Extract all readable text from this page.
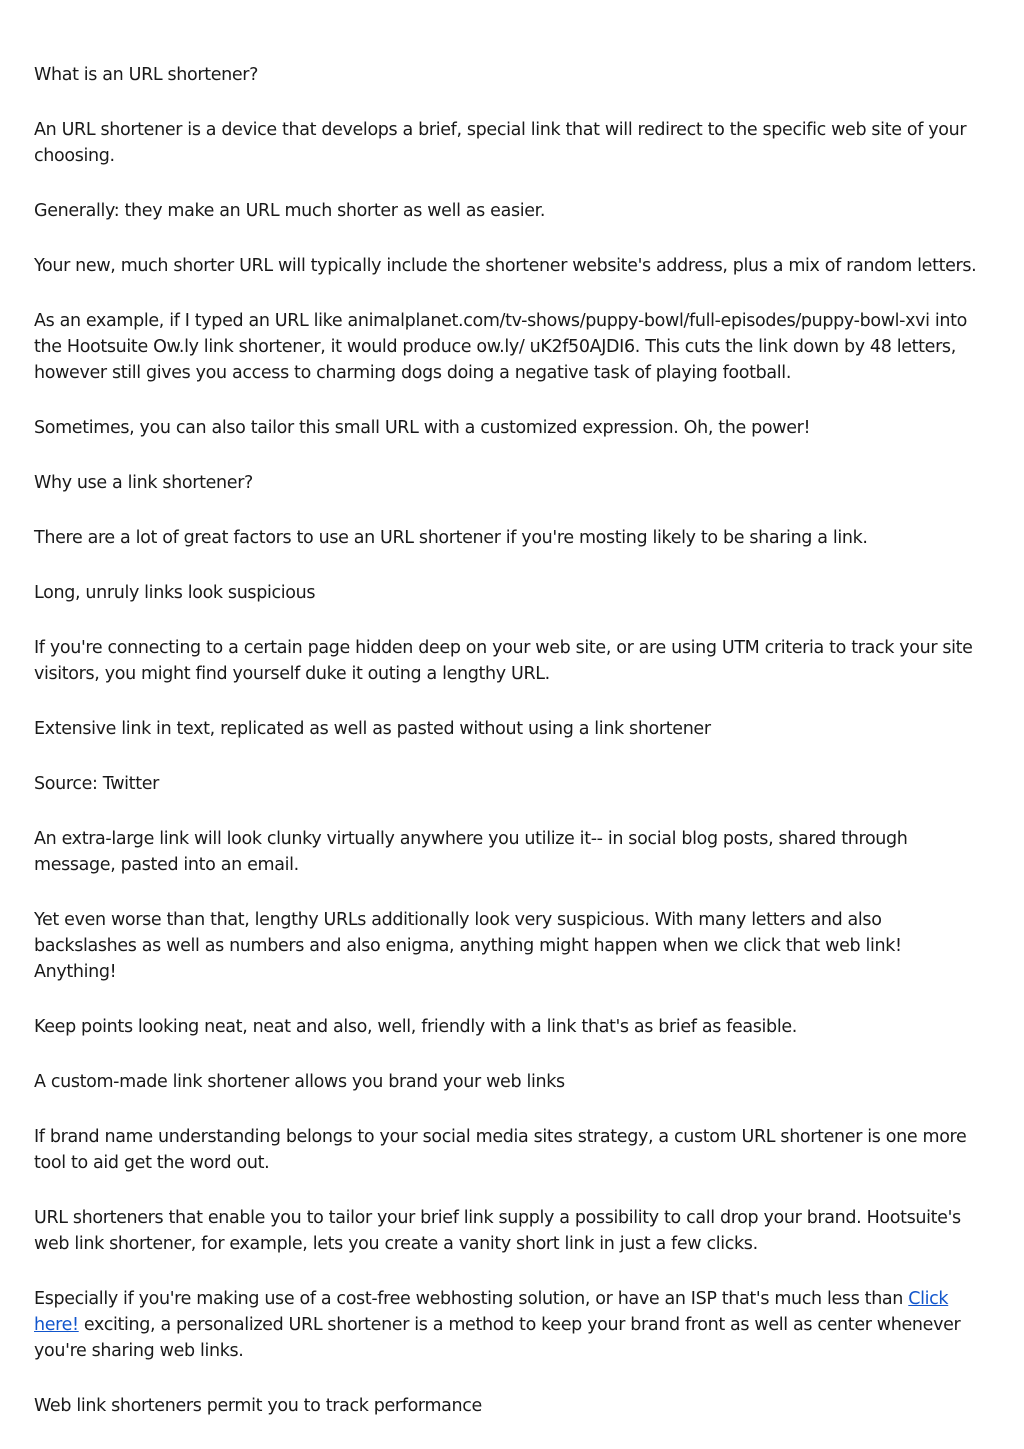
What is an URL shortener?

An URL shortener is a device that develops a brief, special link that will redirect to the specific web site of your choosing.

Generally: they make an URL much shorter as well as easier.

Your new, much shorter URL will typically include the shortener website's address, plus a mix of random letters.

As an example, if I typed an URL like animalplanet.com/tv-shows/puppy-bowl/full-episodes/puppy-bowl-xvi into the Hootsuite Ow.ly link shortener, it would produce ow.ly/ uK2f50AJDI6. This cuts the link down by 48 letters, however still gives you access to charming dogs doing a negative task of playing football.

Sometimes, you can also tailor this small URL with a customized expression. Oh, the power!

Why use a link shortener?

There are a lot of great factors to use an URL shortener if you're mosting likely to be sharing a link.

Long, unruly links look suspicious

If you're connecting to a certain page hidden deep on your web site, or are using UTM criteria to track your site visitors, you might find yourself duke it outing a lengthy URL.

Extensive link in text, replicated as well as pasted without using a link shortener

Source: Twitter

An extra-large link will look clunky virtually anywhere you utilize it-- in social blog posts, shared through message, pasted into an email.

Yet even worse than that, lengthy URLs additionally look very suspicious. With many letters and also backslashes as well as numbers and also enigma, anything might happen when we click that web link! Anything!

Keep points looking neat, neat and also, well, friendly with a link that's as brief as feasible.

A custom-made link shortener allows you brand your web links

If brand name understanding belongs to your social media sites strategy, a custom URL shortener is one more tool to aid get the word out.

URL shorteners that enable you to tailor your brief link supply a possibility to call drop your brand. Hootsuite's web link shortener, for example, lets you create a vanity short link in just a few clicks.

Especially if you're making use of a cost-free webhosting solution, or have an ISP that's much less than Click here! exciting, a personalized URL shortener is a method to keep your brand front as well as center whenever you're sharing web links.

Web link shorteners permit you to track performance
